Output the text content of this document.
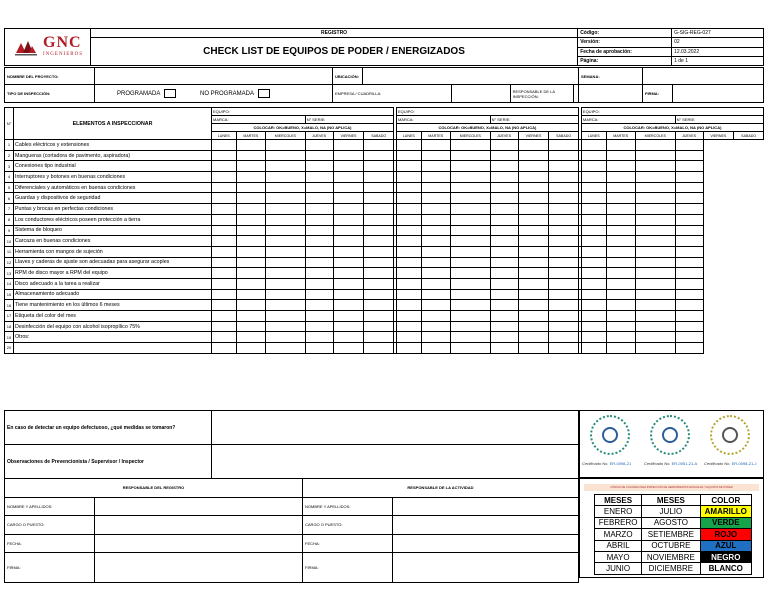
GNC
INGENIEROS	REGISTRO	Código:	G-SIG-REG-027
	CHECK LIST DE EQUIPOS DE PODER / ENERGIZADOS	Versión:	02
		Fecha de aprobación:	12.03.2022
		Página:	1 de 1
NOMBRE DEL PROYECTO:		UBICACIÓN:		SEMANA:	
TIPO DE INSPECCIÓN:	PROGRAMADA	NO PROGRAMADA		EMPRESA / CUADRILLA:		RESPONSABLE DE LA INSPECCIÓN:	
			FIRMA:	
N°	ELEMENTOS A INSPECCIONAR	EQUIPO:							EQUIPO:							EQUIPO:					
		MARCA:			N° SERIE:				MARCA:			N° SERIE:				MARCA:			N° SERIE:		
		COLOCAR: OK=BUENO, X=MALO, NA (NO APLICA)							COLOCAR: OK=BUENO, X=MALO, NA (NO APLICA)							COLOCAR: OK=BUENO, X=MALO, NA (NO APLICA)					
		LUNES	MARTES	MIERCOLES	JUEVES	VIERNES	SABADO		LUNES	MARTES	MIERCOLES	JUEVES	VIERNES	SABADO		LUNES	MARTES	MIERCOLES	JUEVES	VIERNES	SABADO
1	Cables eléctricos y extensiones																				
2	Mangueras (cortadora de pavimento, aspiradora)																				
3	Conexiones tipo industrial																				
4	Interruptores y botones en buenas condiciones																				
5	Diferenciales y automáticos en buenas condiciones																				
6	Guardas y dispositivos de seguridad																				
7	Puntas y brocas en perfectas condiciones																				
8	Los conductores eléctricos poseen protección a tierra																				
9	Sistema de bloqueo																				
10	Carcaza en buenas condiciones																				
11	Herramienta con mangos de sujeción																				
12	Llaves y caderas de ajuste son adecuadas para asegurar acoples																				
13	RPM de disco mayor a RPM del equipo																				
14	Disco adecuado a la tarea a realizar																				
15	Almacenamiento adecuado																				
16	Tiene mantenimiento en los últimos 6 meses																				
17	Etiqueta del color del mes																				
18	Desinfección del equipo con alcohol isopropílico 75%																				
19	Otros:																				
20																					
En caso de detectar un equipo defectuoso, ¿qué medidas se tomaron?	
Observaciones de Prevencionista / Supervisor / Inspector		Certificado No. ER-0098-21	Certificado No. ER-0051-21-A Certificado No. ER-0098-21-J
RESPONSABLE DEL REGISTRO		RESPONSABLE DE LA ACTIVIDAD	
NOMBRE Y APELLIDOS:		NOMBRE Y APELLIDOS:	
CARGO O PUESTO:		CARGO O PUESTO:	
FECHA:		FECHA:	
FIRMA:		FIRMA:	
CÓDIGO DE COLORES PARA INSPECCIÓN DE HERRAMIENTAS MANUALES Y EQUIPOS DE PODER
MESES	MESES	COLOR
ENERO	JULIO	AMARILLO
FEBRERO	AGOSTO	VERDE
MARZO	SETIEMBRE	ROJO
ABRIL	OCTUBRE	AZUL
MAYO	NOVIEMBRE	NEGRO
JUNIO	DICIEMBRE	BLANCO
